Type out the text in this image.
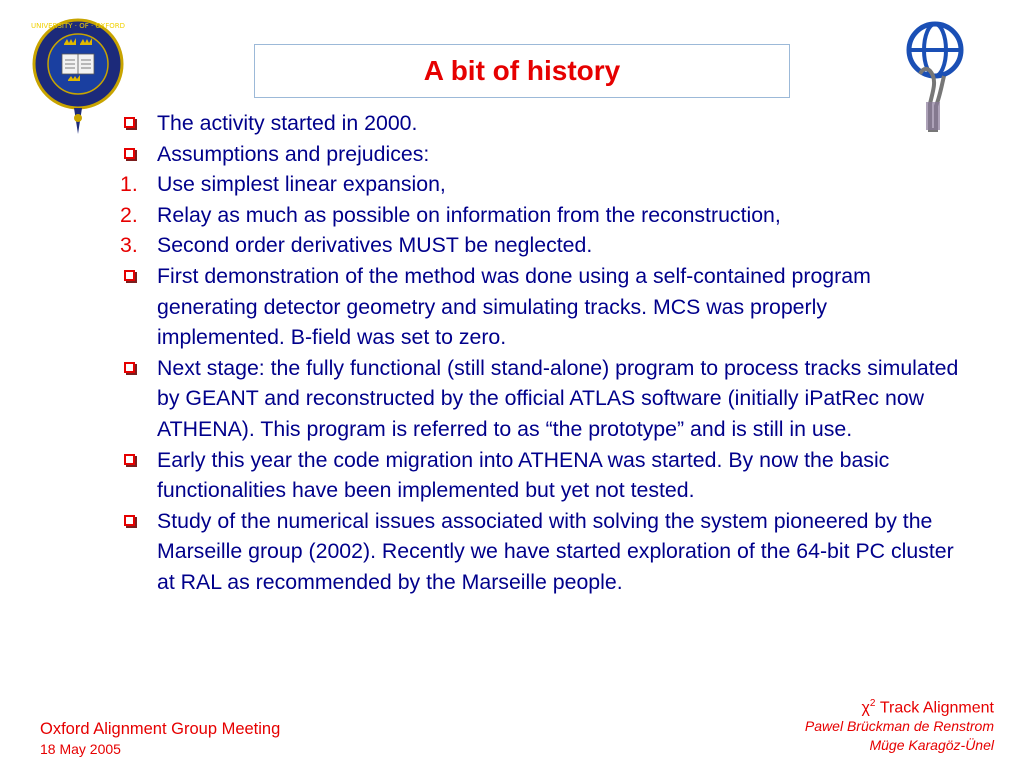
UNIVERSITY · OF · OXFORD
A bit of history
The activity started in 2000.
Assumptions and prejudices:
1. Use simplest linear expansion,
2. Relay as much as possible on information from the reconstruction,
3. Second order derivatives MUST be neglected.
First demonstration of the method was done using a self-contained program generating detector geometry and simulating tracks. MCS was properly implemented. B-field was set to zero.
Next stage: the fully functional (still stand-alone) program to process tracks simulated by GEANT and reconstructed by the official ATLAS software (initially iPatRec now ATHENA). This program is referred to as “the prototype” and is still in use.
Early this year the code migration into ATHENA was started. By now the basic functionalities have been implemented but yet not tested.
Study of the numerical issues associated with solving the system pioneered by the Marseille group (2002). Recently we have started exploration of the 64-bit PC cluster at RAL as recommended by the Marseille people.
Oxford Alignment Group Meeting
18 May 2005
$\chi^2$ Track Alignment
Pawel Brückman de Renstrom
Müge Karagöz-Ünel
